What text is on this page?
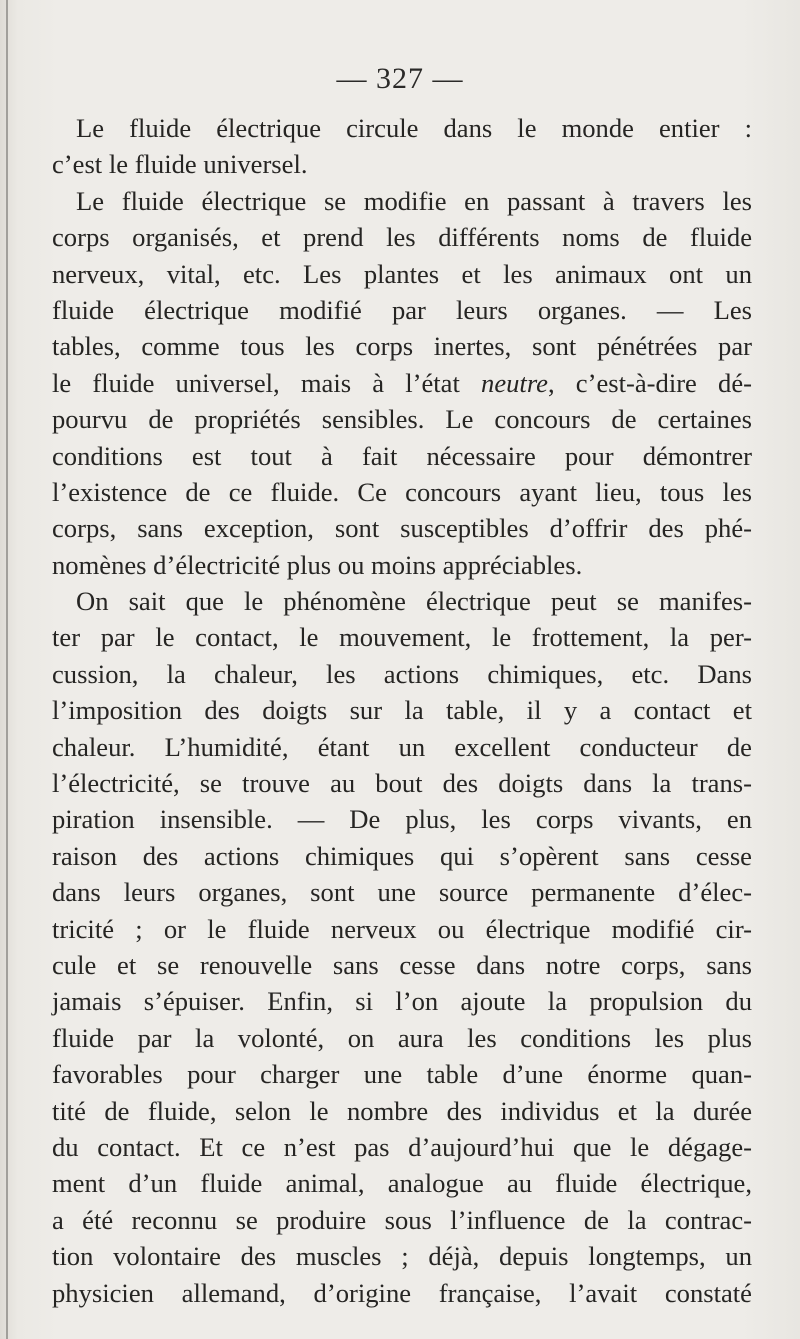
— 327 —
Le fluide électrique circule dans le monde entier :
c’est le fluide universel.
Le fluide électrique se modifie en passant à travers les
corps organisés, et prend les différents noms de fluide
nerveux, vital, etc. Les plantes et les animaux ont un
fluide électrique modifié par leurs organes. — Les
tables, comme tous les corps inertes, sont pénétrées par
le fluide universel, mais à l’état neutre, c’est-à-dire dé-
pourvu de propriétés sensibles. Le concours de certaines
conditions est tout à fait nécessaire pour démontrer
l’existence de ce fluide. Ce concours ayant lieu, tous les
corps, sans exception, sont susceptibles d’offrir des phé-
nomènes d’électricité plus ou moins appréciables.
On sait que le phénomène électrique peut se manifes-
ter par le contact, le mouvement, le frottement, la per-
cussion, la chaleur, les actions chimiques, etc. Dans
l’imposition des doigts sur la table, il y a contact et
chaleur. L’humidité, étant un excellent conducteur de
l’électricité, se trouve au bout des doigts dans la trans-
piration insensible. — De plus, les corps vivants, en
raison des actions chimiques qui s’opèrent sans cesse
dans leurs organes, sont une source permanente d’élec-
tricité ; or le fluide nerveux ou électrique modifié cir-
cule et se renouvelle sans cesse dans notre corps, sans
jamais s’épuiser. Enfin, si l’on ajoute la propulsion du
fluide par la volonté, on aura les conditions les plus
favorables pour charger une table d’une énorme quan-
tité de fluide, selon le nombre des individus et la durée
du contact. Et ce n’est pas d’aujourd’hui que le dégage-
ment d’un fluide animal, analogue au fluide électrique,
a été reconnu se produire sous l’influence de la contrac-
tion volontaire des muscles ; déjà, depuis longtemps, un
physicien allemand, d’origine française, l’avait constaté
